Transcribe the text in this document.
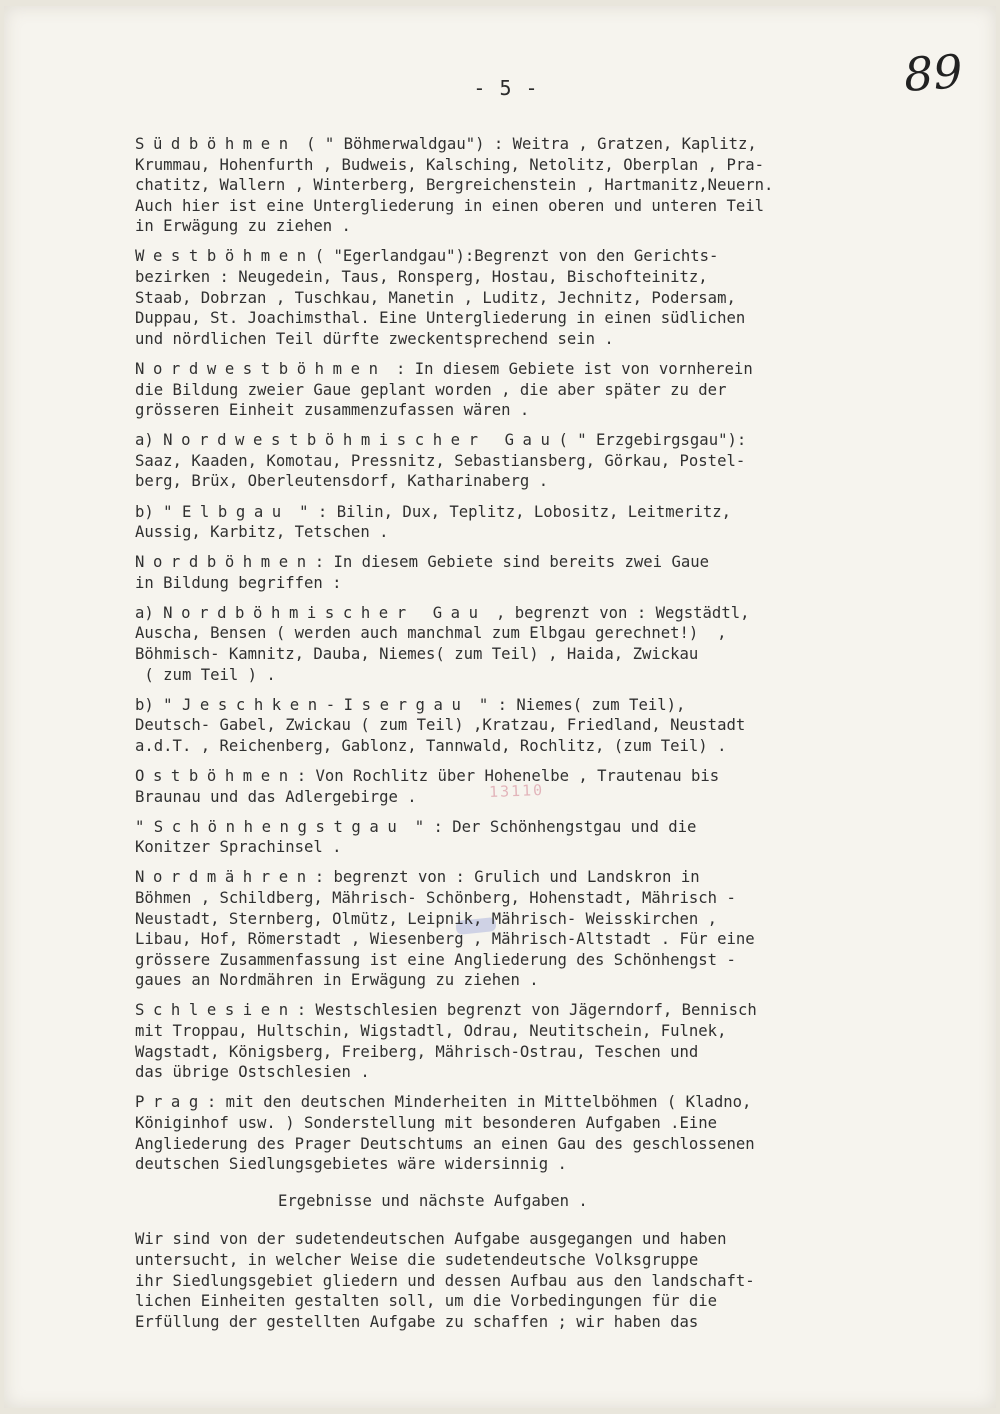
- 5 -	89
13110
Südböhmen ( " Böhmerwaldgau") : Weitra , Gratzen, Kaplitz,
Krummau, Hohenfurth , Budweis, Kalsching, Netolitz, Oberplan , Pra-
chatitz, Wallern , Winterberg, Bergreichenstein , Hartmanitz,Neuern.
Auch hier ist eine Untergliederung in einen oberen und unteren Teil
in Erwägung zu ziehen .
Westböhmen( "Egerlandgau"):Begrenzt von den Gerichts-
bezirken : Neugedein, Taus, Ronsperg, Hostau, Bischofteinitz,
Staab, Dobrzan , Tuschkau, Manetin , Luditz, Jechnitz, Podersam,
Duppau, St. Joachimsthal. Eine Untergliederung in einen südlichen
und nördlichen Teil dürfte zweckentsprechend sein .
Nordwestböhmen : In diesem Gebiete ist von vornherein
die Bildung zweier Gaue geplant worden , die aber später zu der
grösseren Einheit zusammenzufassen wären .
a) Nordwestböhmischer Gau( " Erzgebirgsgau"):
Saaz, Kaaden, Komotau, Pressnitz, Sebastiansberg, Görkau, Postel-
berg, Brüx, Oberleutensdorf, Katharinaberg .
b) " Elbgau " : Bilin, Dux, Teplitz, Lobositz, Leitmeritz,
Aussig, Karbitz, Tetschen .
Nordböhmen: In diesem Gebiete sind bereits zwei Gaue
in Bildung begriffen :
a) Nordböhmischer Gau , begrenzt von : Wegstädtl,
Auscha, Bensen ( werden auch manchmal zum Elbgau gerechnet!)  ,
Böhmisch- Kamnitz, Dauba, Niemes( zum Teil) , Haida, Zwickau
( zum Teil ) .
b) " Jeschken-Isergau " : Niemes( zum Teil),
Deutsch- Gabel, Zwickau ( zum Teil) ,Kratzau, Friedland, Neustadt
a.d.T. , Reichenberg, Gablonz, Tannwald, Rochlitz, (zum Teil) .
Ostböhmen: Von Rochlitz über Hohenelbe , Trautenau bis
Braunau und das Adlergebirge .
" Schönhengstgau " : Der Schönhengstgau und die
Konitzer Sprachinsel .
Nordmähren: begrenzt von : Grulich und Landskron in
Böhmen , Schildberg, Mährisch- Schönberg, Hohenstadt, Mährisch -
Neustadt, Sternberg, Olmütz, Leipnik, Mährisch- Weisskirchen ,
Libau, Hof, Römerstadt , Wiesenberg , Mährisch-Altstadt . Für eine
grössere Zusammenfassung ist eine Angliederung des Schönhengst -
gaues an Nordmähren in Erwägung zu ziehen .
Schlesien: Westschlesien begrenzt von Jägerndorf, Bennisch
mit Troppau, Hultschin, Wigstadtl, Odrau, Neutitschein, Fulnek,
Wagstadt, Königsberg, Freiberg, Mährisch-Ostrau, Teschen und
das übrige Ostschlesien .
Prag: mit den deutschen Minderheiten in Mittelböhmen ( Kladno,
Königinhof usw. ) Sonderstellung mit besonderen Aufgaben .Eine
Angliederung des Prager Deutschtums an einen Gau des geschlossenen
deutschen Siedlungsgebietes wäre widersinnig .
Ergebnisse und nächste Aufgaben .
Wir sind von der sudetendeutschen Aufgabe ausgegangen und haben
untersucht, in welcher Weise die sudetendeutsche Volksgruppe
ihr Siedlungsgebiet gliedern und dessen Aufbau aus den landschaft-
lichen Einheiten gestalten soll, um die Vorbedingungen für die
Erfüllung der gestellten Aufgabe zu schaffen ; wir haben das
